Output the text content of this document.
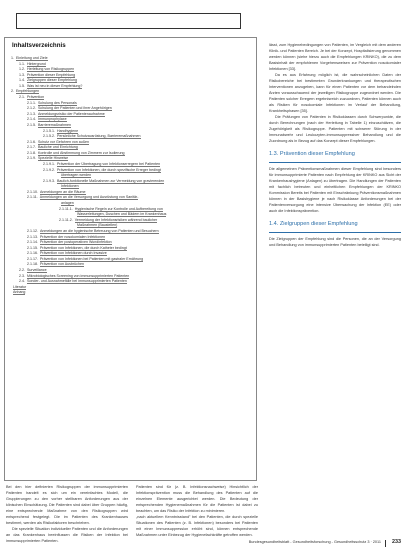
Inhaltsverzeichnis
1. Einleitung und Ziele
1.1. Hintergrund
1.2. Herleitung von Risikogruppen
1.3. Prävention dieser Empfehlung
1.4. Zielgruppen dieser Empfehlung
1.5. Was ist neu in dieser Empfehlung?
2. Empfehlungen
2.1. Prävention
2.1.1. Schulung des Personals
2.1.2. Schulung der Patienten und ihrer Angehörigen
2.1.3. Anmeldungsrisiko der Patientenaufnahme
2.1.4. Immunprophylaxe
2.1.5. Barrieremaßnahmen
2.1.5.1. Handhygiene
2.1.5.2. Persönliche Schutzausrüstung, Barrieremaßnahmen
2.1.6. Schutz vor Gefahren von außen
2.1.7. Bauliche und Einrichtung
2.1.8. Kontrolle und Abstimmung von Zimmern zur Isolierung
2.1.9. Spezielle Hinweise
2.1.9.1. Prävention der Übertragung von Infektionserregern bei Patienten
2.1.9.2. Prävention von Infektionen, die durch spezifische Erreger bedingt
übertragen werden
2.1.9.3. Baulich-funktionelle Maßnahmen zur Vermeidung von gravierenden
Infektionen
2.1.10. Anmeldungen an die Räume
2.1.11. Anmeldungen an die Versorgung und Ausrüstung von Sanitär-
anlagen
2.1.11.1. Hygienische Regeln zur Kontrolle und Aufbereitung von
Wasserleitungen, Duschen und Bädern im Krankenhaus
2.1.11.2. Vermeidung der Infektionsrisiken während baulicher
Maßnahmen (Baustellen)
2.1.12. Anmeldungen an die hygienische Betreuung von Patienten und Besuchern
2.1.13. Prävention der nosokomialen Infektionen
2.1.14. Prävention der postoperativen Wundinfektion
2.1.15. Prävention von Infektionen, die durch Katheter bedingt
2.1.16. Prävention von Infektionen durch Invasive
2.1.17. Prävention von Infektionen bei Patienten mit gastraler Ernährung
2.1.18. Prävention von Ausbrüchen
2.2. Surveillance
2.3. Mikrobiologisches Screening von immunsupprimierten Patienten
2.4. Sonder- und Ausnahmefälle bei immunsupprimierten Patienten
Literatur
Anhang

lässt, zum Hygienebedingungen von Patienten, im Vergleich mit dem anderen Klinik- und Patienten Bereich. Je bei der Konzept, Hospitalisierung genommen werden können (siehe hierzu auch die Empfehlungen KRINKO), die zu dem Basisinhalt der empfohlenen Vorgehensweisen zur Prävention nosokomialer Infektionen [33].

Da es aus Erfahrung möglich ist, die wahrscheinlichen Daten der Risikobereiche bei bestimmten Grunderkrankungen und therapeutischen Interventionen anzugeben, kann für einen Patienten vor dem behandelnden Ärzten vorausschauend der jeweiligen Risikogruppe zugeordnet werden. Die Patienten solcher Erregern ergebnisreich zuzuordnen, Patienten können auch als Risiken für nosokomiale Infektionen im Verlauf der Behandlung, Krankheitsphasen [35].

Die Präfungen von Patienten in Risikoklassen durch Schwerpunkte, die durch Berechnungen (nach der Herleitung in Tabelle 1) einzuschätzen, die Zugehörigkeit als Risikogruppe. Patienten mit schwerer Störung in der Immunabwehr und Leukozyten-immunsuppressiver Behandlung und die Zuordnung als in Bezug auf das Konzept dieser Empfehlungen.

1.3. Prävention dieser Empfehlung

Die allgemeinen Präventionsmaßnahmen dieser Empfehlung sind besonders für immunsupprimierte Patienten nach Empfehlung der KRINKO aus Sicht der Krankenhaushygiene (Anlagen) zu übertragen. Die Handlungen der Patienten mit fachlich betreuten und einheitlichen Empfehlungen der KRINKO Kommission Bereits bei Patienten mit Einschränkung Präventionsmaßnahmen können in der Basishygiene je nach Risikoklasse Anforderungen bei der Patientenversorgung eine intensive Überwachung der Infektion (EE) oder auch die Infektionsprävention.

1.4. Zielgruppen dieser Empfehlung

Die Zielgruppen der Empfehlung sind die Personen, die an der Versorgung und Behandlung von immunsupprimierten Patienten beteiligt sind.

Bei den hier definierten Risikogruppen der immunsupprimierten Patienten handelt es sich um ein vereinfachtes Modell, die Gruppierungen zu den vorher stellbaren Anforderungen aus der klinischen Einschätzung. Die Patienten sind dabei über Gruppen häufig, eine entsprechende Maßnahme von den Risikogruppen wird entsprechend festgelegt. Die im Patienten des Krankenhauses bestimmt, werden als Risikofaktoren beschrieben.

Die spezielle Situation individueller Patienten und die Anforderungen an das Krankenhaus beeinflussen die Risiken der Infektion bei immunsupprimierten Patienten.

Patienten sind für (z. B. Infektionsnachweise) Hinsichtlich der Infektionsprävention muss die Behandlung des Patienten auf die einzelnen Elemente ausgerichtet werden. Die Bedeutung der entsprechenden Hygienemaßnahmen für die Patienten ist dabei zu beachten, um das Risiko der Infektion zu minimieren.

„nach aktuellem Kenntnisstand" bei den Patienten, die durch spezielle Situationen des Patienten (z. B. Infektionen) besonders bei Patienten mit einer Immunsuppression erhöht sind, können entsprechende Maßnahmen unter Einbezug der Hygienefachkräfte getroffen werden.

Bundesgesundheitsblatt - Gesundheitsforschung - Gesundheitsschutz 3 · 2011 233
